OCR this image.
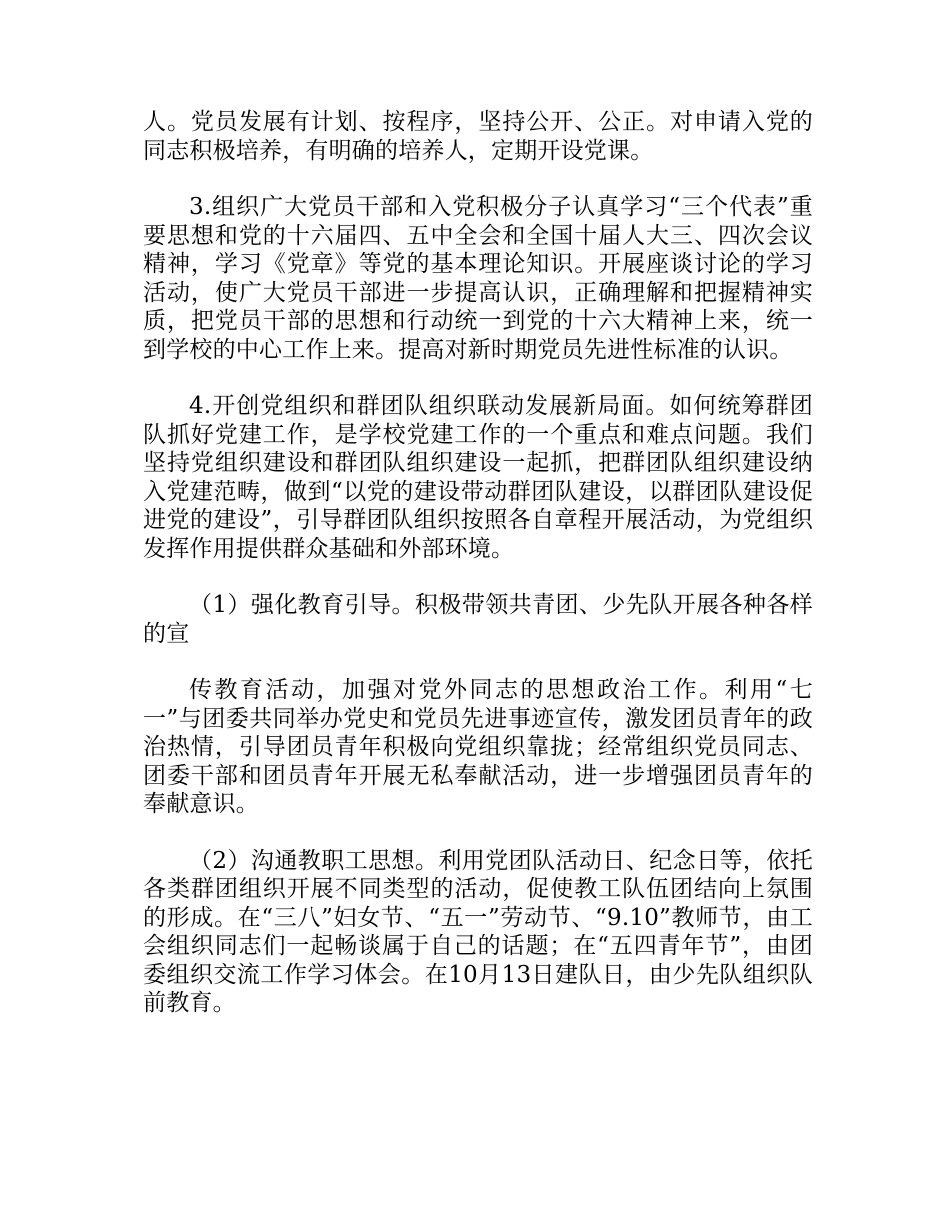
人。党员发展有计划、按程序，坚持公开、公正。对申请入党的同志积极培养，有明确的培养人，定期开设党课。

3.组织广大党员干部和入党积极分子认真学习“三个代表”重要思想和党的十六届四、五中全会和全国十届人大三、四次会议精神，学习《党章》等党的基本理论知识。开展座谈讨论的学习活动，使广大党员干部进一步提高认识，正确理解和把握精神实质，把党员干部的思想和行动统一到党的十六大精神上来，统一到学校的中心工作上来。提高对新时期党员先进性标准的认识。

4.开创党组织和群团队组织联动发展新局面。如何统筹群团队抓好党建工作，是学校党建工作的一个重点和难点问题。我们坚持党组织建设和群团队组织建设一起抓，把群团队组织建设纳入党建范畴，做到“以党的建设带动群团队建设，以群团队建设促进党的建设”，引导群团队组织按照各自章程开展活动，为党组织发挥作用提供群众基础和外部环境。

（1）强化教育引导。积极带领共青团、少先队开展各种各样的宣

传教育活动，加强对党外同志的思想政治工作。利用“七一”与团委共同举办党史和党员先进事迹宣传，激发团员青年的政治热情，引导团员青年积极向党组织靠拢；经常组织党员同志、团委干部和团员青年开展无私奉献活动，进一步增强团员青年的奉献意识。

（2）沟通教职工思想。利用党团队活动日、纪念日等，依托各类群团组织开展不同类型的活动，促使教工队伍团结向上氛围的形成。在“三八”妇女节、“五一”劳动节、“9.10”教师节，由工会组织同志们一起畅谈属于自己的话题；在“五四青年节”，由团委组织交流工作学习体会。在10月13日建队日，由少先队组织队前教育。
